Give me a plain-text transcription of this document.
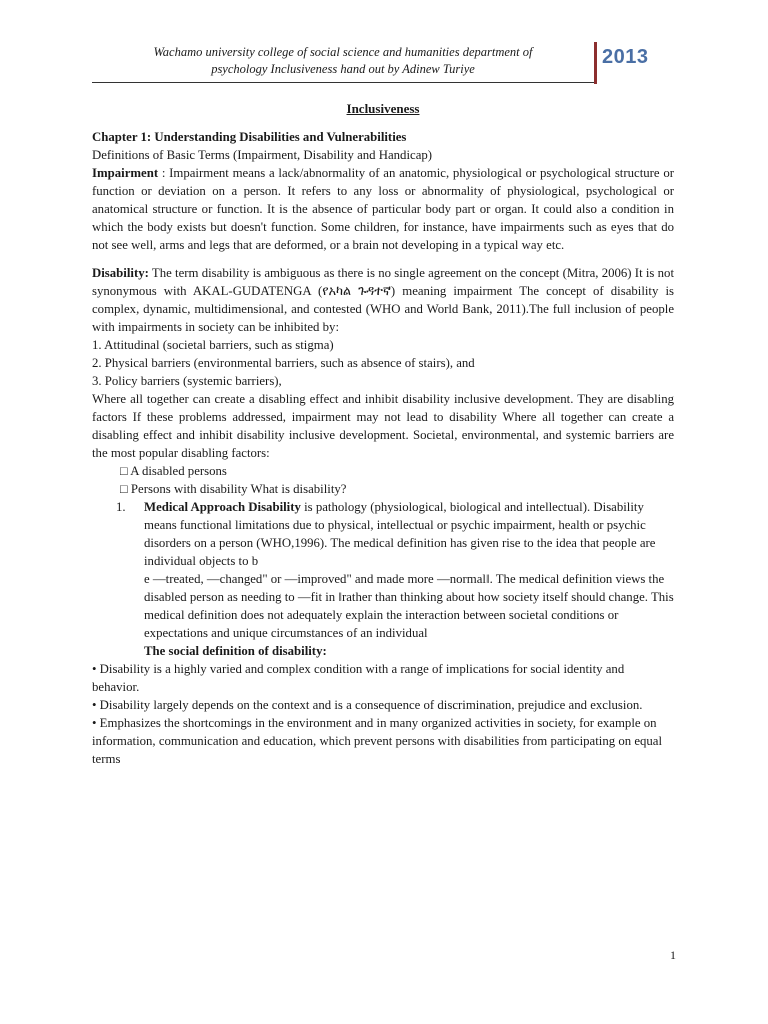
Wachamo university college of social science and humanities department of
psychology Inclusiveness hand out by Adinew Turiye
2013

Inclusiveness

Chapter 1: Understanding Disabilities and Vulnerabilities

Definitions of Basic Terms (Impairment, Disability and Handicap)

Impairment : Impairment means a lack/abnormality of an anatomic, physiological or psychological structure or function or deviation on a person. It refers to any loss or abnormality of physiological, psychological or anatomical structure or function. It is the absence of particular body part or organ. It could also a condition in which the body exists but doesn't function. Some children, for instance, have impairments such as eyes that do not see well, arms and legs that are deformed, or a brain not developing in a typical way etc.

Disability: The term disability is ambiguous as there is no single agreement on the concept (Mitra, 2006) It is not synonymous with AKAL-GUDATENGA (የአካል ጉዳተኛ) meaning impairment The concept of disability is complex, dynamic, multidimensional, and contested (WHO and World Bank, 2011).The full inclusion of people with impairments in society can be inhibited by:

1. Attitudinal (societal barriers, such as stigma)

2. Physical barriers (environmental barriers, such as absence of stairs), and

3. Policy barriers (systemic barriers),

Where all together can create a disabling effect and inhibit disability inclusive development. They are disabling factors If these problems addressed, impairment may not lead to disability Where all together can create a disabling effect and inhibit disability inclusive development. Societal, environmental, and systemic barriers are the most popular disabling factors:

□ A disabled persons

□ Persons with disability What is disability?

1.	Medical Approach Disability is pathology (physiological, biological and intellectual). Disability means functional limitations due to physical, intellectual or psychic impairment, health or psychic disorders on a person (WHO,1996). The medical definition has given rise to the idea that people are individual objects to b
e ―treated, ―changed" or ―improved" and made more ―normal‖. The medical definition views the disabled person as needing to ―fit in ‖rather than thinking about how society itself should change. This medical definition does not adequately explain the interaction between societal conditions or expectations and unique circumstances of an individual

The social definition of disability:

• Disability is a highly varied and complex condition with a range of implications for social identity and behavior.

• Disability largely depends on the context and is a consequence of discrimination, prejudice and exclusion.

• Emphasizes the shortcomings in the environment and in many organized activities in society, for example on information, communication and education, which prevent persons with disabilities from participating on equal terms

1
